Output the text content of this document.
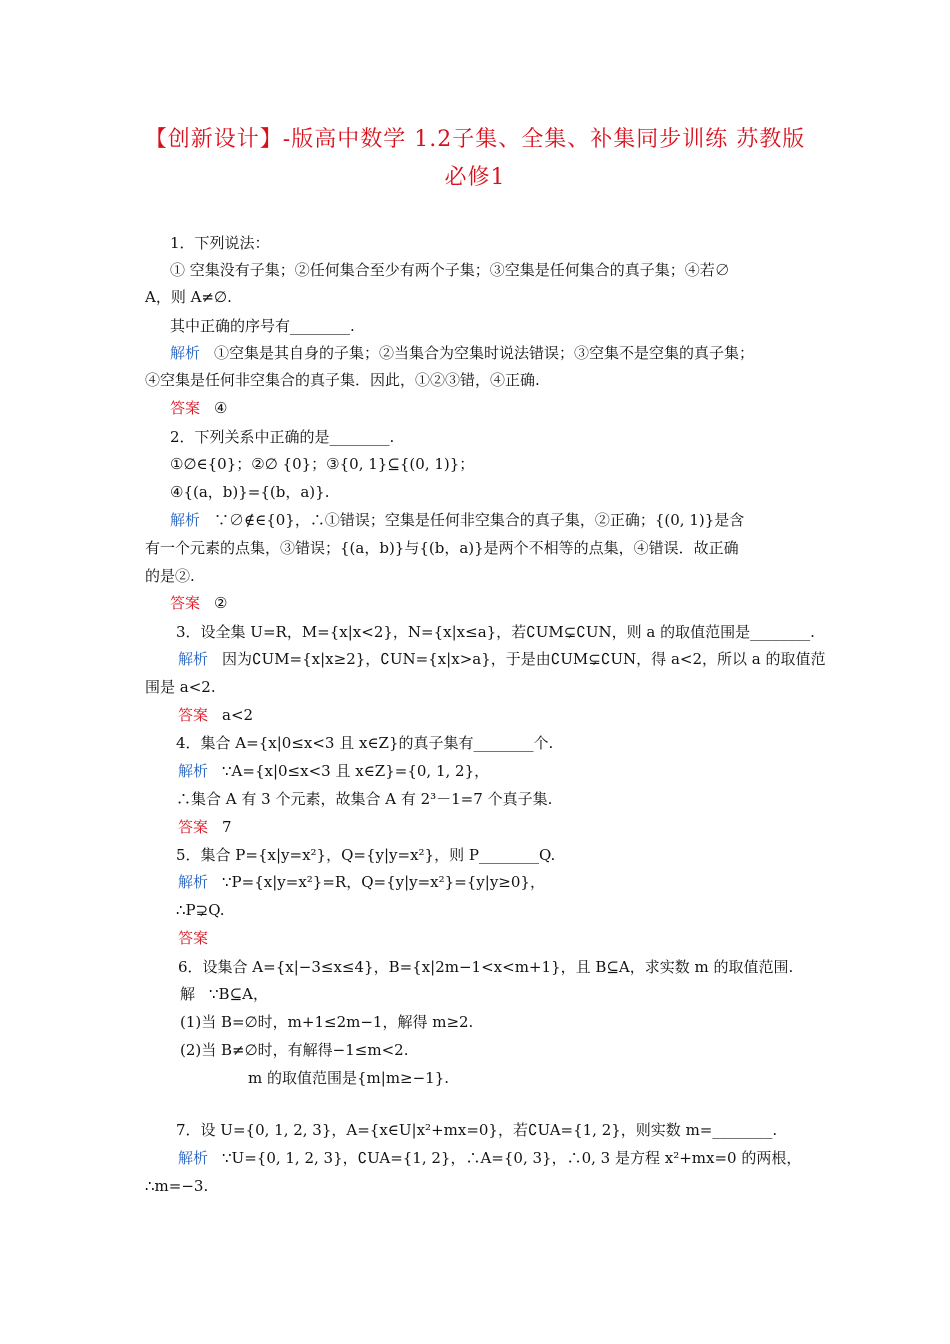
【创新设计】-版高中数学 1.2子集、全集、补集同步训练 苏教版
必修1
1．下列说法：
① 空集没有子集；②任何集合至少有两个子集；③空集是任何集合的真子集；④若∅
A，则 A≠∅.
其中正确的序号有________.
解析 ①空集是其自身的子集；②当集合为空集时说法错误；③空集不是空集的真子集；
④空集是任何非空集合的真子集．因此，①②③错，④正确.
答案 ④
2．下列关系中正确的是________.
①∅∈{0}；②∅ {0}；③{0, 1}⊆{(0, 1)}；
④{(a，b)}={(b，a)}.
解析 ∵∅∉∈{0}，∴①错误；空集是任何非空集合的真子集，②正确；{(0, 1)}是含
有一个元素的点集，③错误；{(a，b)}与{(b，a)}是两个不相等的点集，④错误．故正确
的是②.
答案 ②
3．设全集 U=R，M={x|x<2}，N={x|x≤a}，若∁UM⊊∁UN，则 a 的取值范围是________.
解析 因为∁UM={x|x≥2}，∁UN={x|x>a}，于是由∁UM⊊∁UN，得 a<2，所以 a 的取值范
围是 a<2.
答案 a<2
4．集合 A={x|0≤x<3 且 x∈Z}的真子集有________个.
解析 ∵A={x|0≤x<3 且 x∈Z}={0, 1, 2}，
∴集合 A 有 3 个元素，故集合 A 有 2³－1=7 个真子集.
答案 7
5．集合 P={x|y=x²}，Q={y|y=x²}，则 P________Q.
解析 ∵P={x|y=x²}=R，Q={y|y=x²}={y|y≥0}，
∴P⊋Q.
答案
6．设集合 A={x|−3≤x≤4}，B={x|2m−1<x<m+1}，且 B⊆A，求实数 m 的取值范围.
解 ∵B⊆A，
(1)当 B=∅时，m+1≤2m−1，解得 m≥2.
(2)当 B≠∅时，有解得−1≤m<2.
m 的取值范围是{m|m≥−1}.
7．设 U={0, 1, 2, 3}，A={x∈U|x²+mx=0}，若∁UA={1, 2}，则实数 m=________.
解析 ∵U={0, 1, 2, 3}，∁UA={1, 2}，∴A={0, 3}，∴0, 3 是方程 x²+mx=0 的两根，
∴m=−3.
